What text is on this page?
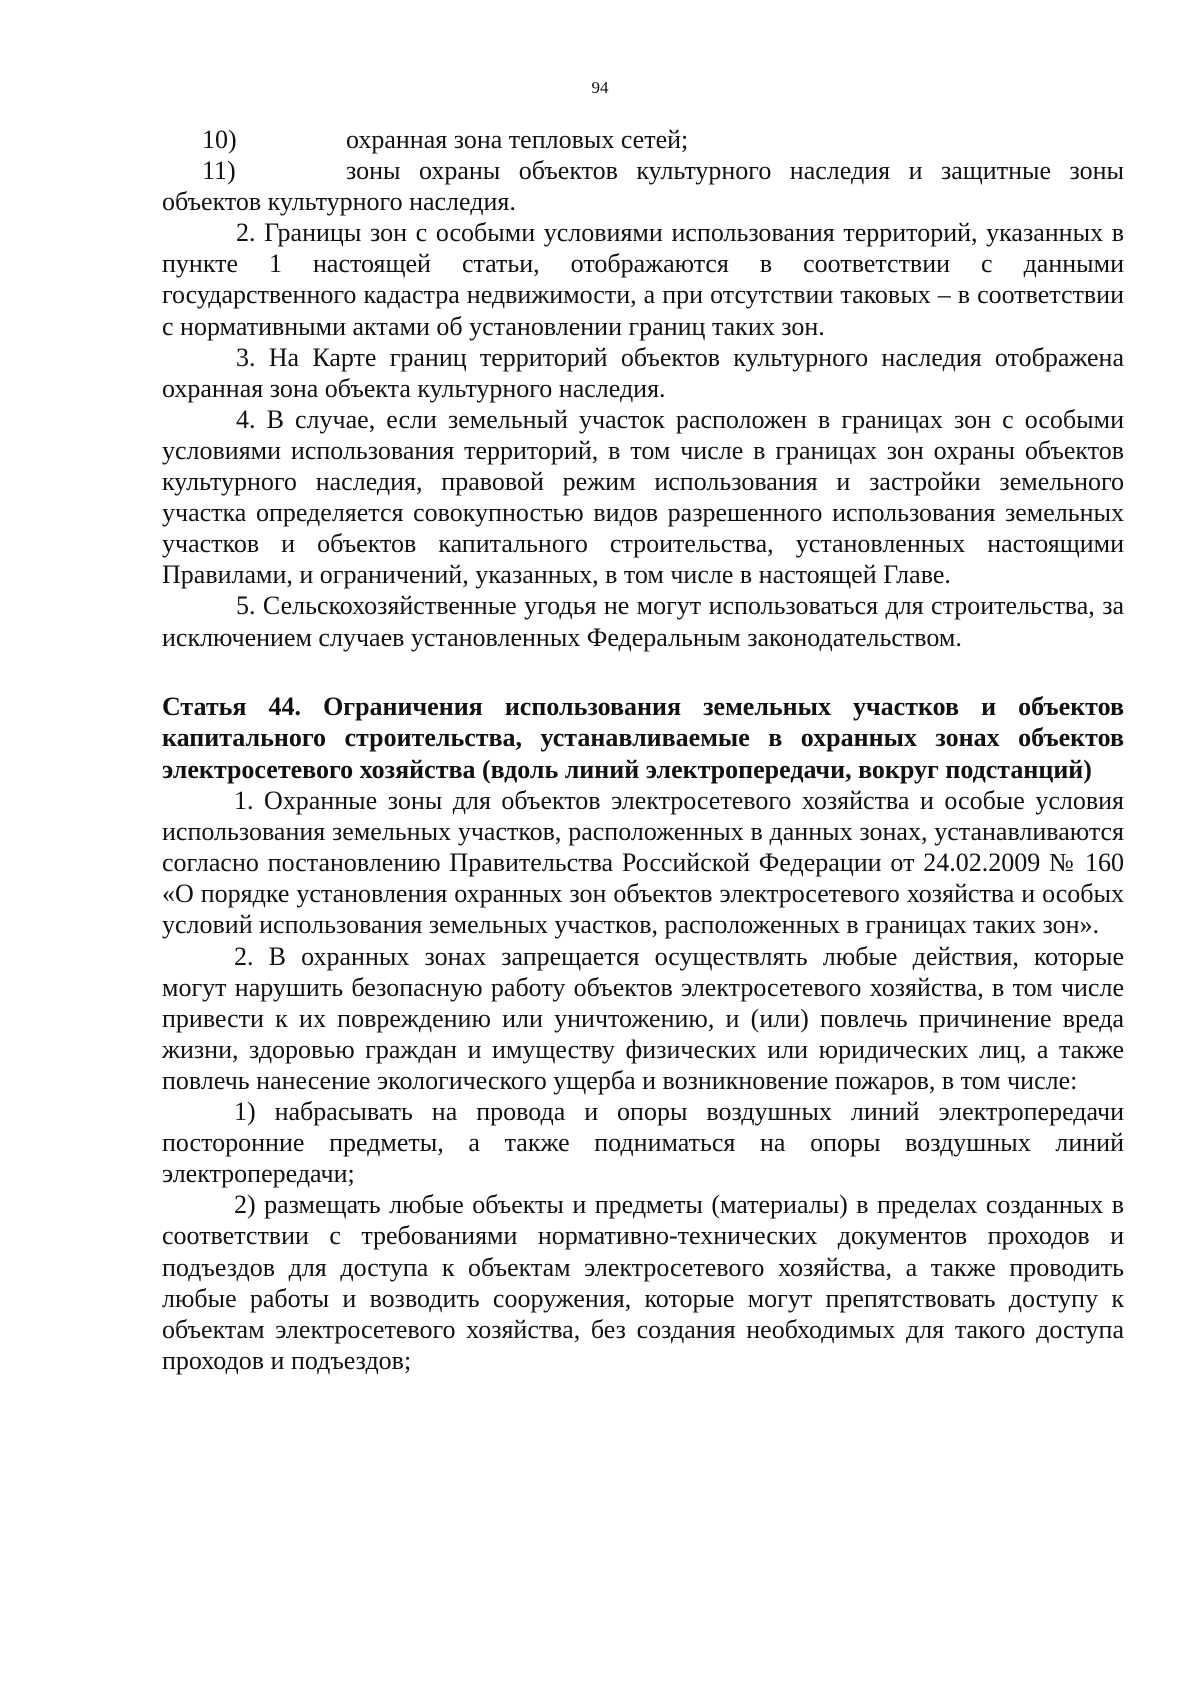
94

10)	охранная зона тепловых сетей;

11)	зоны охраны объектов культурного наследия и защитные зоны объектов культурного наследия.

2. Границы зон с особыми условиями использования территорий, указанных в пункте 1 настоящей статьи, отображаются в соответствии с данными государственного кадастра недвижимости, а при отсутствии таковых – в соответствии с нормативными актами об установлении границ таких зон.

3. На Карте границ территорий объектов культурного наследия отображена охранная зона объекта культурного наследия.

4. В случае, если земельный участок расположен в границах зон с особыми условиями использования территорий, в том числе в границах зон охраны объектов культурного наследия, правовой режим использования и застройки земельного участка определяется совокупностью видов разрешенного использования земельных участков и объектов капитального строительства, установленных настоящими Правилами, и ограничений, указанных, в том числе в настоящей Главе.

5. Сельскохозяйственные угодья не могут использоваться для строительства, за исключением случаев установленных Федеральным законодательством.

Статья 44. Ограничения использования земельных участков и объектов капитального строительства, устанавливаемые в охранных зонах объектов электросетевого хозяйства (вдоль линий электропередачи, вокруг подстанций)

1. Охранные зоны для объектов электросетевого хозяйства и особые условия использования земельных участков, расположенных в данных зонах, устанавливаются согласно постановлению Правительства Российской Федерации от 24.02.2009 № 160 «О порядке установления охранных зон объектов электросетевого хозяйства и особых условий использования земельных участков, расположенных в границах таких зон».

2. В охранных зонах запрещается осуществлять любые действия, которые могут нарушить безопасную работу объектов электросетевого хозяйства, в том числе привести к их повреждению или уничтожению, и (или) повлечь причинение вреда жизни, здоровью граждан и имуществу физических или юридических лиц, а также повлечь нанесение экологического ущерба и возникновение пожаров, в том числе:

1) набрасывать на провода и опоры воздушных линий электропередачи посторонние предметы, а также подниматься на опоры воздушных линий электропередачи;

2) размещать любые объекты и предметы (материалы) в пределах созданных в соответствии с требованиями нормативно-технических документов проходов и подъездов для доступа к объектам электросетевого хозяйства, а также проводить любые работы и возводить сооружения, которые могут препятствовать доступу к объектам электросетевого хозяйства, без создания необходимых для такого доступа проходов и подъездов;
